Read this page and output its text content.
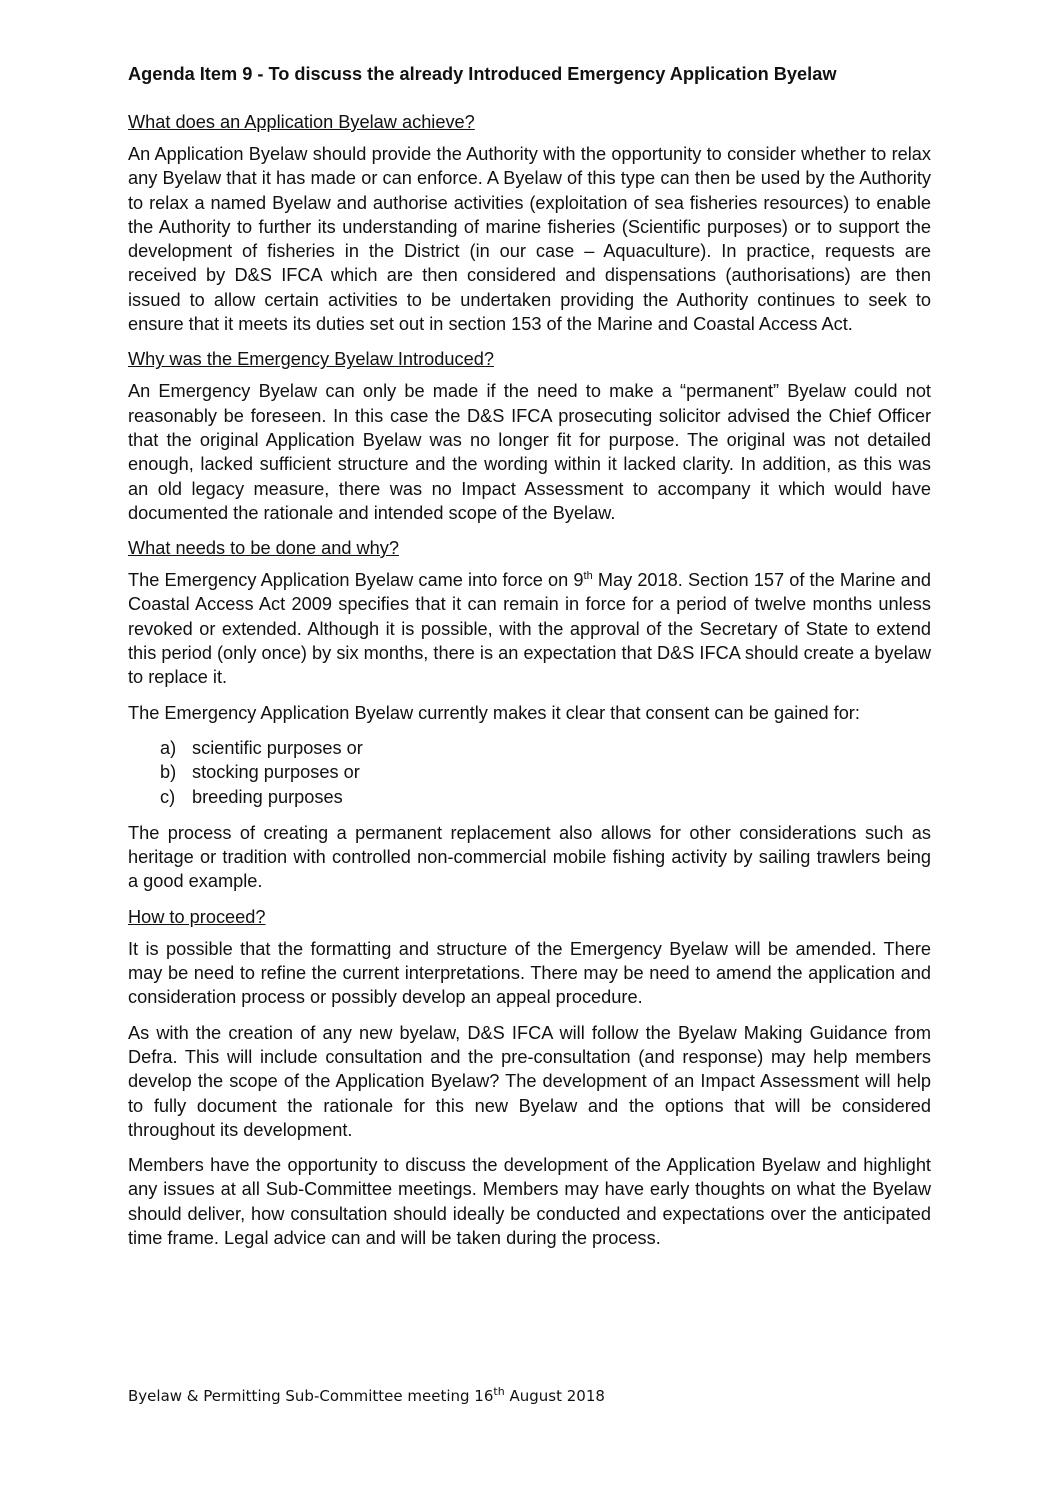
Agenda Item 9 - To discuss the already Introduced Emergency Application Byelaw
What does an Application Byelaw achieve?

An Application Byelaw should provide the Authority with the opportunity to consider whether to relax any Byelaw that it has made or can enforce. A Byelaw of this type can then be used by the Authority to relax a named Byelaw and authorise activities (exploitation of sea fisheries resources) to enable the Authority to further its understanding of marine fisheries (Scientific purposes) or to support the development of fisheries in the District (in our case – Aquaculture). In practice, requests are received by D&S IFCA which are then considered and dispensations (authorisations) are then issued to allow certain activities to be undertaken providing the Authority continues to seek to ensure that it meets its duties set out in section 153 of the Marine and Coastal Access Act.

Why was the Emergency Byelaw Introduced?

An Emergency Byelaw can only be made if the need to make a “permanent” Byelaw could not reasonably be foreseen. In this case the D&S IFCA prosecuting solicitor advised the Chief Officer that the original Application Byelaw was no longer fit for purpose. The original was not detailed enough, lacked sufficient structure and the wording within it lacked clarity. In addition, as this was an old legacy measure, there was no Impact Assessment to accompany it which would have documented the rationale and intended scope of the Byelaw.

What needs to be done and why?

The Emergency Application Byelaw came into force on 9th May 2018. Section 157 of the Marine and Coastal Access Act 2009 specifies that it can remain in force for a period of twelve months unless revoked or extended. Although it is possible, with the approval of the Secretary of State to extend this period (only once) by six months, there is an expectation that D&S IFCA should create a byelaw to replace it.

The Emergency Application Byelaw currently makes it clear that consent can be gained for:

a) scientific purposes or
b) stocking purposes or
c) breeding purposes

The process of creating a permanent replacement also allows for other considerations such as heritage or tradition with controlled non-commercial mobile fishing activity by sailing trawlers being a good example.

How to proceed?

It is possible that the formatting and structure of the Emergency Byelaw will be amended. There may be need to refine the current interpretations. There may be need to amend the application and consideration process or possibly develop an appeal procedure.

As with the creation of any new byelaw, D&S IFCA will follow the Byelaw Making Guidance from Defra. This will include consultation and the pre-consultation (and response) may help members develop the scope of the Application Byelaw? The development of an Impact Assessment will help to fully document the rationale for this new Byelaw and the options that will be considered throughout its development.

Members have the opportunity to discuss the development of the Application Byelaw and highlight any issues at all Sub-Committee meetings. Members may have early thoughts on what the Byelaw should deliver, how consultation should ideally be conducted and expectations over the anticipated time frame. Legal advice can and will be taken during the process.

Byelaw & Permitting Sub-Committee meeting 16th August 2018
